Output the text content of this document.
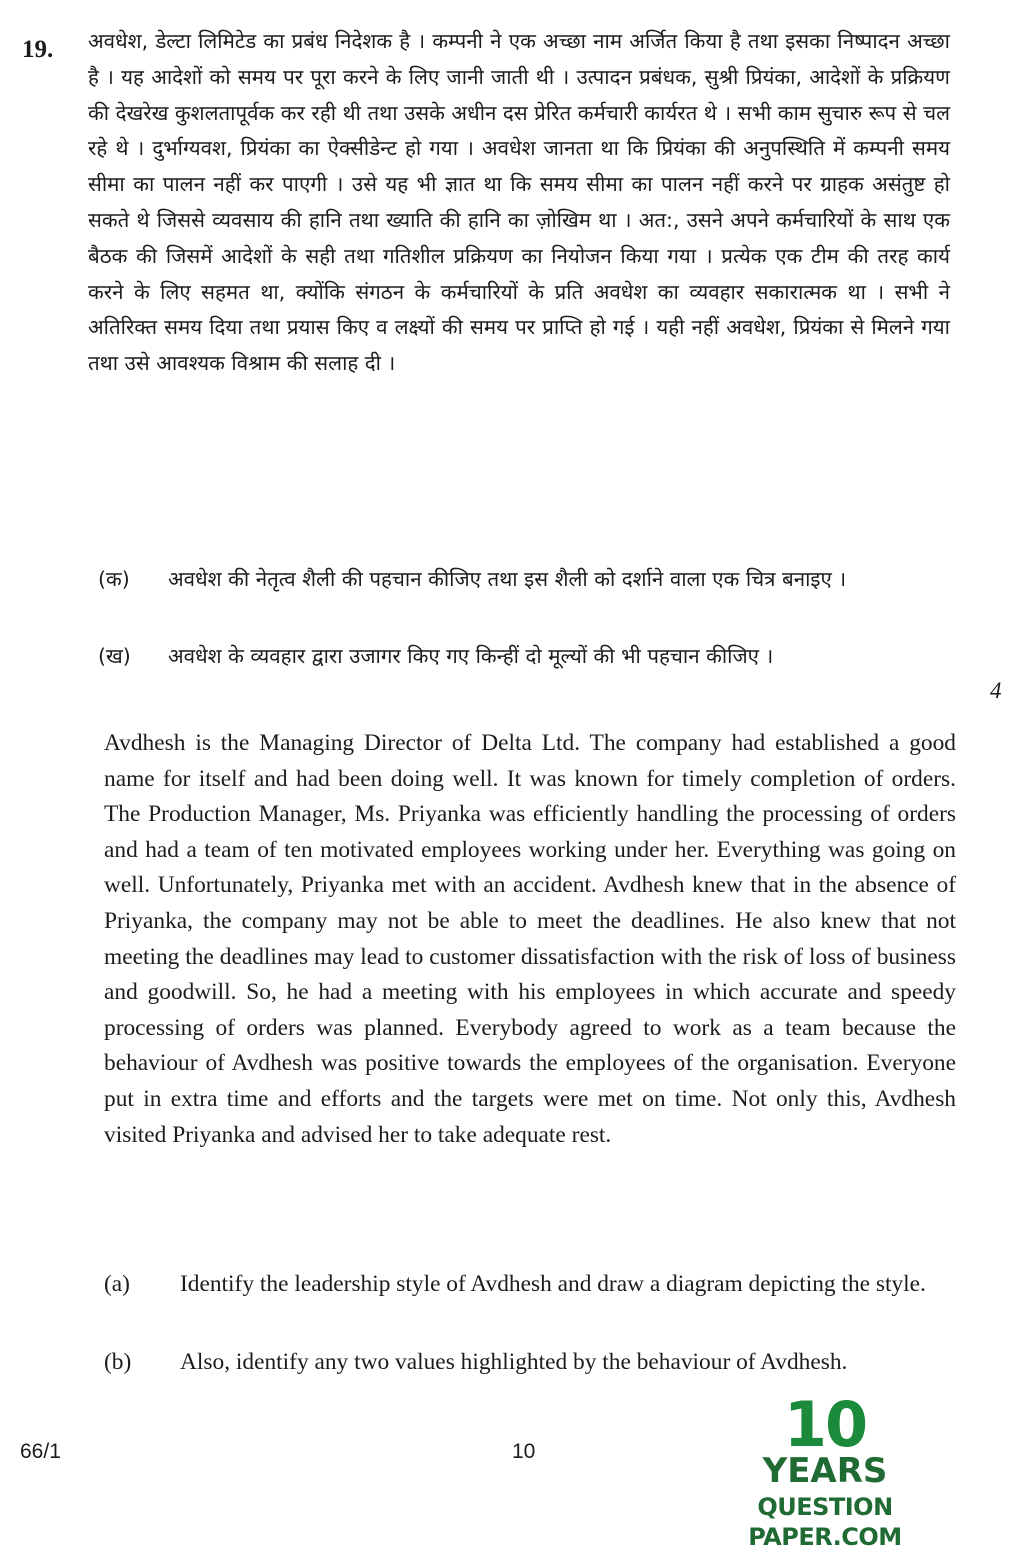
19. अवधेश, डेल्टा लिमिटेड का प्रबंध निदेशक है । कम्पनी ने एक अच्छा नाम अर्जित किया है तथा इसका निष्पादन अच्छा है । यह आदेशों को समय पर पूरा करने के लिए जानी जाती थी । उत्पादन प्रबंधक, सुश्री प्रियंका, आदेशों के प्रक्रियण की देखरेख कुशलतापूर्वक कर रही थी तथा उसके अधीन दस प्रेरित कर्मचारी कार्यरत थे । सभी काम सुचारु रूप से चल रहे थे । दुर्भाग्यवश, प्रियंका का ऐक्सीडेन्ट हो गया । अवधेश जानता था कि प्रियंका की अनुपस्थिति में कम्पनी समय सीमा का पालन नहीं कर पाएगी । उसे यह भी ज्ञात था कि समय सीमा का पालन नहीं करने पर ग्राहक असंतुष्ट हो सकते थे जिससे व्यवसाय की हानि तथा ख्याति की हानि का ज़ोखिम था । अत:, उसने अपने कर्मचारियों के साथ एक बैठक की जिसमें आदेशों के सही तथा गतिशील प्रक्रियण का नियोजन किया गया । प्रत्येक एक टीम की तरह कार्य करने के लिए सहमत था, क्योंकि संगठन के कर्मचारियों के प्रति अवधेश का व्यवहार सकारात्मक था । सभी ने अतिरिक्त समय दिया तथा प्रयास किए व लक्ष्यों की समय पर प्राप्ति हो गई । यही नहीं अवधेश, प्रियंका से मिलने गया तथा उसे आवश्यक विश्राम की सलाह दी ।

(क) अवधेश की नेतृत्व शैली की पहचान कीजिए तथा इस शैली को दर्शाने वाला एक चित्र बनाइए ।

(ख) अवधेश के व्यवहार द्वारा उजागर किए गए किन्हीं दो मूल्यों की भी पहचान कीजिए ।

4

Avdhesh is the Managing Director of Delta Ltd. The company had established a good name for itself and had been doing well. It was known for timely completion of orders. The Production Manager, Ms. Priyanka was efficiently handling the processing of orders and had a team of ten motivated employees working under her. Everything was going on well. Unfortunately, Priyanka met with an accident. Avdhesh knew that in the absence of Priyanka, the company may not be able to meet the deadlines. He also knew that not meeting the deadlines may lead to customer dissatisfaction with the risk of loss of business and goodwill. So, he had a meeting with his employees in which accurate and speedy processing of orders was planned. Everybody agreed to work as a team because the behaviour of Avdhesh was positive towards the employees of the organisation. Everyone put in extra time and efforts and the targets were met on time. Not only this, Avdhesh visited Priyanka and advised her to take adequate rest.

(a) Identify the leadership style of Avdhesh and draw a diagram depicting the style.

(b) Also, identify any two values highlighted by the behaviour of Avdhesh.

66/1	10	10
YEARS
QUESTION PAPER.COM
